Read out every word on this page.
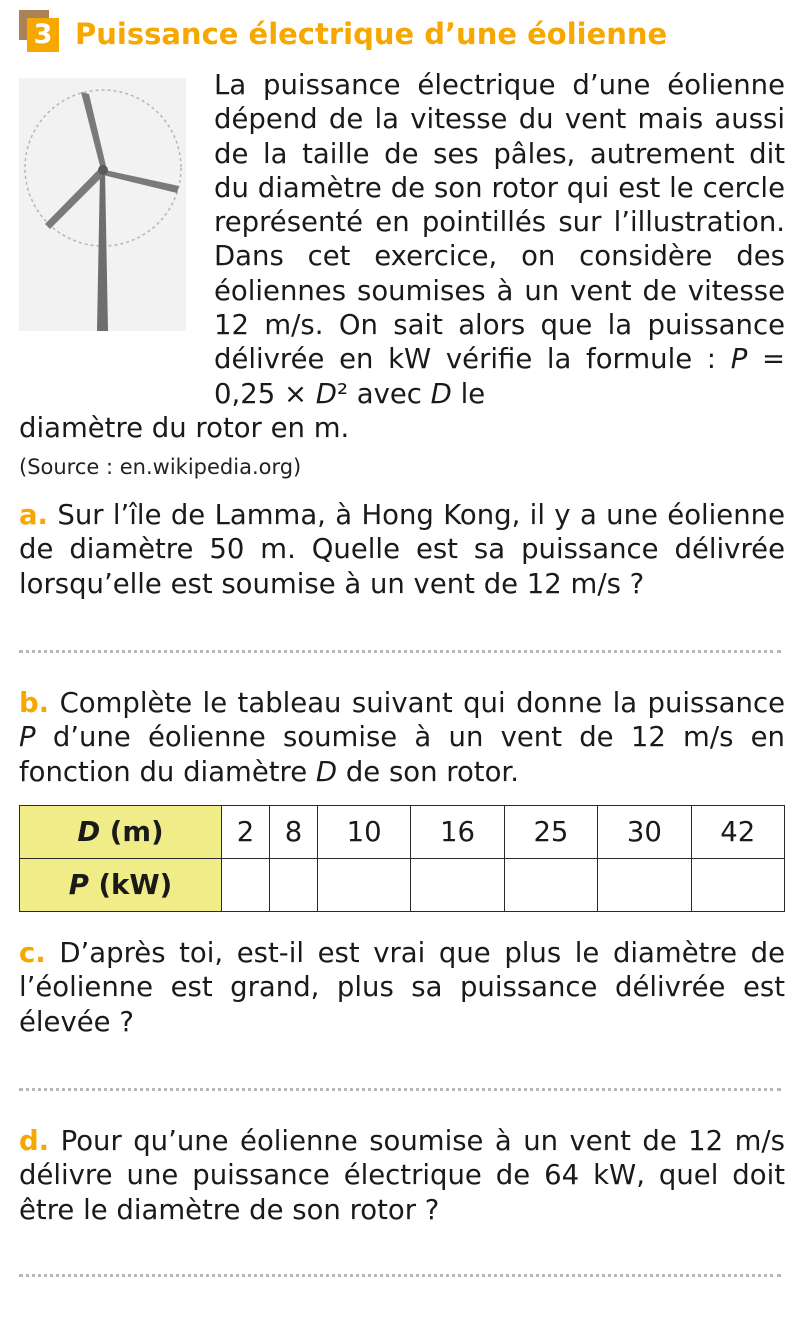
3 Puissance électrique d’une éolienne
La puissance électrique d’une éolienne dépend de la vitesse du vent mais aussi de la taille de ses pâles, autrement dit du diamètre de son rotor qui est le cercle représenté en pointillés sur l’illustration. Dans cet exercice, on considère des éoliennes soumises à un vent de vitesse 12 m/s. On sait alors que la puissance délivrée en kW vérifie la formule : P = 0,25 × D² avec D le
diamètre du rotor en m.
(Source : en.wikipedia.org)
a. Sur l’île de Lamma, à Hong Kong, il y a une éolienne de diamètre 50 m. Quelle est sa puissance délivrée lorsqu’elle est soumise à un vent de 12 m/s ?
b. Complète le tableau suivant qui donne la puissance P d’une éolienne soumise à un vent de 12 m/s en fonction du diamètre D de son rotor.
D (m)	2	8	10	16	25	30	42
P (kW)							
c. D’après toi, est-il est vrai que plus le diamètre de l’éolienne est grand, plus sa puissance délivrée est élevée ?
d. Pour qu’une éolienne soumise à un vent de 12 m/s délivre une puissance électrique de 64 kW, quel doit être le diamètre de son rotor ?
